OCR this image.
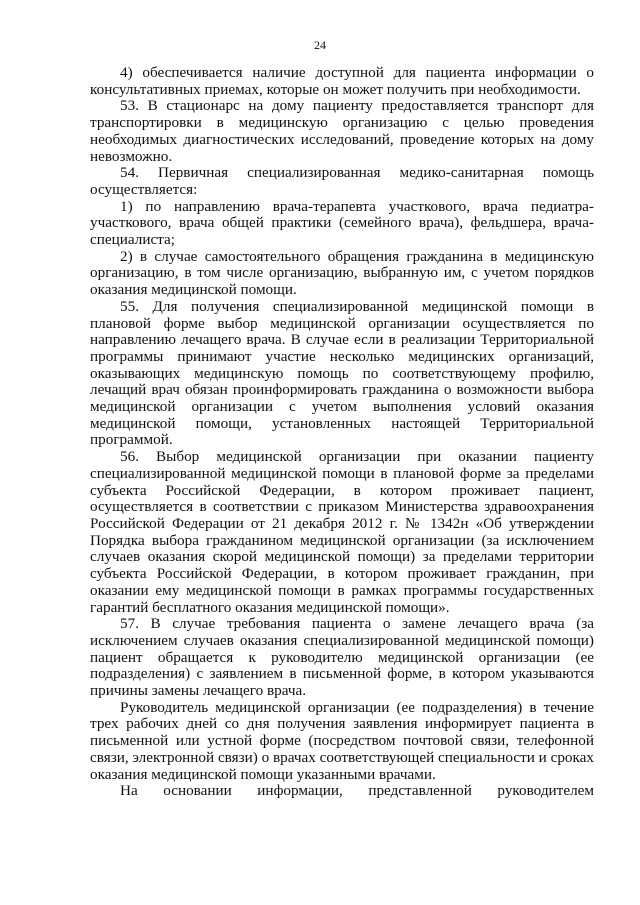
24

4) обеспечивается наличие доступной для пациента информации о консультативных приемах, которые он может получить при необходимости.

53. В стационарс на дому пациенту предоставляется транспорт для транспортировки в медицинскую организацию с целью проведения необходимых диагностических исследований, проведение которых на дому невозможно.

54. Первичная специализированная медико-санитарная помощь осуществляется:

1) по направлению врача-терапевта участкового, врача педиатра-участкового, врача общей практики (семейного врача), фельдшера, врача-специалиста;

2) в случае самостоятельного обращения гражданина в медицинскую организацию, в том числе организацию, выбранную им, с учетом порядков оказания медицинской помощи.

55. Для получения специализированной медицинской помощи в плановой форме выбор медицинской организации осуществляется по направлению лечащего врача. В случае если в реализации Территориальной программы принимают участие несколько медицинских организаций, оказывающих медицинскую помощь по соответствующему профилю, лечащий врач обязан проинформировать гражданина о возможности выбора медицинской организации с учетом выполнения условий оказания медицинской помощи, установленных настоящей Территориальной программой.

56. Выбор медицинской организации при оказании пациенту специализированной медицинской помощи в плановой форме за пределами субъекта Российской Федерации, в котором проживает пациент, осуществляется в соответствии с приказом Министерства здравоохранения Российской Федерации от 21 декабря 2012 г. № 1342н «Об утверждении Порядка выбора гражданином медицинской организации (за исключением случаев оказания скорой медицинской помощи) за пределами территории субъекта Российской Федерации, в котором проживает гражданин, при оказании ему медицинской помощи в рамках программы государственных гарантий бесплатного оказания медицинской помощи».

57. В случае требования пациента о замене лечащего врача (за исключением случаев оказания специализированной медицинской помощи) пациент обращается к руководителю медицинской организации (ее подразделения) с заявлением в письменной форме, в котором указываются причины замены лечащего врача.

Руководитель медицинской организации (ее подразделения) в течение трех рабочих дней со дня получения заявления информирует пациента в письменной или устной форме (посредством почтовой связи, телефонной связи, электронной связи) о врачах соответствующей специальности и сроках оказания медицинской помощи указанными врачами.

На основании информации, представленной руководителем
